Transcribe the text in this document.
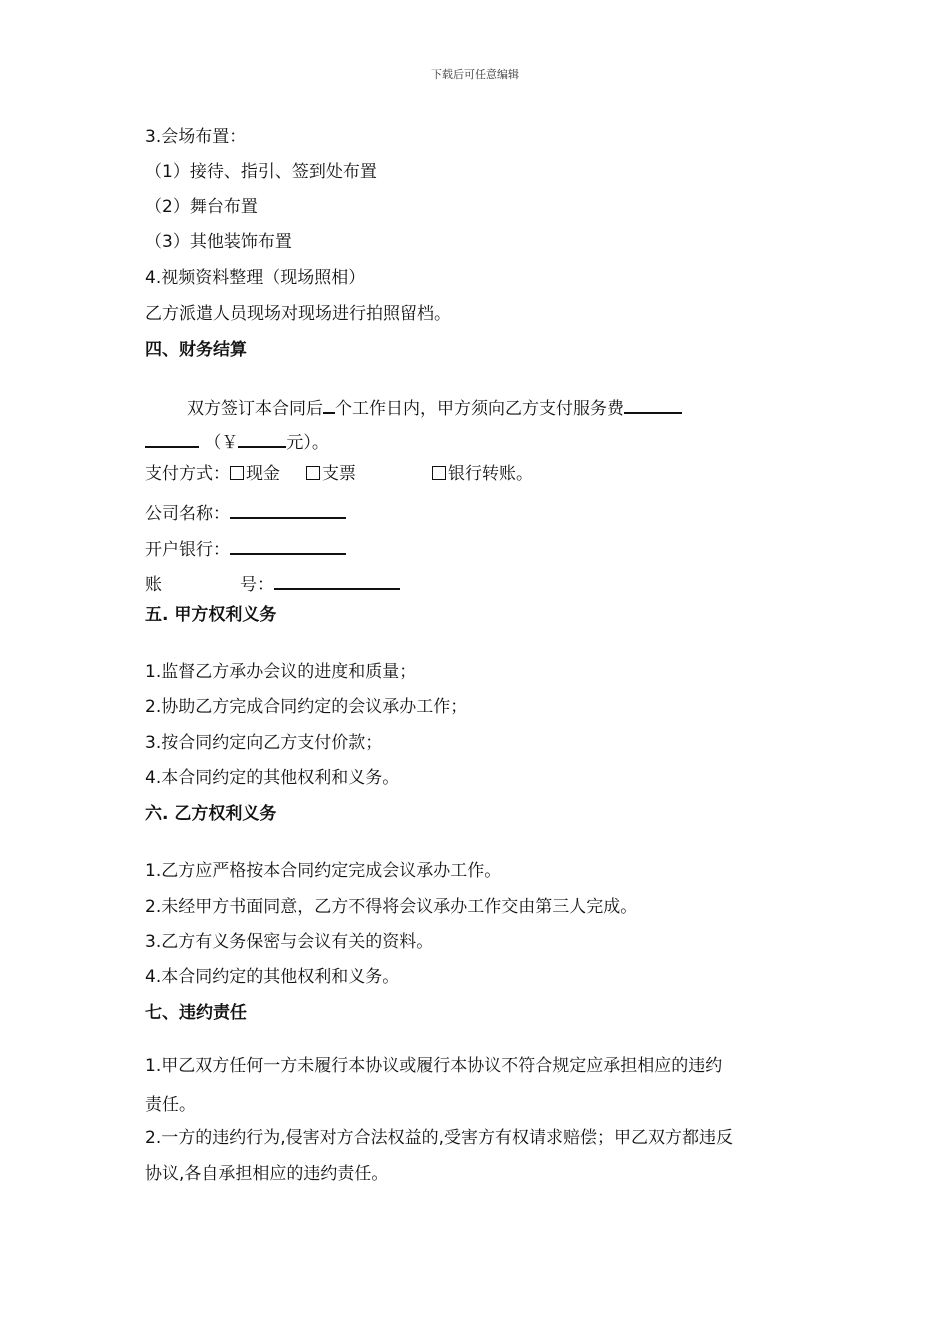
下载后可任意编辑
3.会场布置：
（1）接待、指引、签到处布置
（2）舞台布置
（3）其他装饰布置
4.视频资料整理（现场照相）
乙方派遣人员现场对现场进行拍照留档。
四、财务结算
双方签订本合同后 个工作日内，甲方须向乙方支付服务费
（￥	元）。
支付方式： 现金 支票	银行转账。
公司名称：
开户银行：
账	号：
五. 甲方权利义务
1.监督乙方承办会议的进度和质量；
2.协助乙方完成合同约定的会议承办工作；
3.按合同约定向乙方支付价款；
4.本合同约定的其他权利和义务。
六. 乙方权利义务
1.乙方应严格按本合同约定完成会议承办工作。
2.未经甲方书面同意，乙方不得将会议承办工作交由第三人完成。
3.乙方有义务保密与会议有关的资料。
4.本合同约定的其他权利和义务。
七、违约责任
1.甲乙双方任何一方未履行本协议或履行本协议不符合规定应承担相应的违约
责任。
2.一方的违约行为,侵害对方合法权益的,受害方有权请求赔偿；甲乙双方都违反
协议,各自承担相应的违约责任。
